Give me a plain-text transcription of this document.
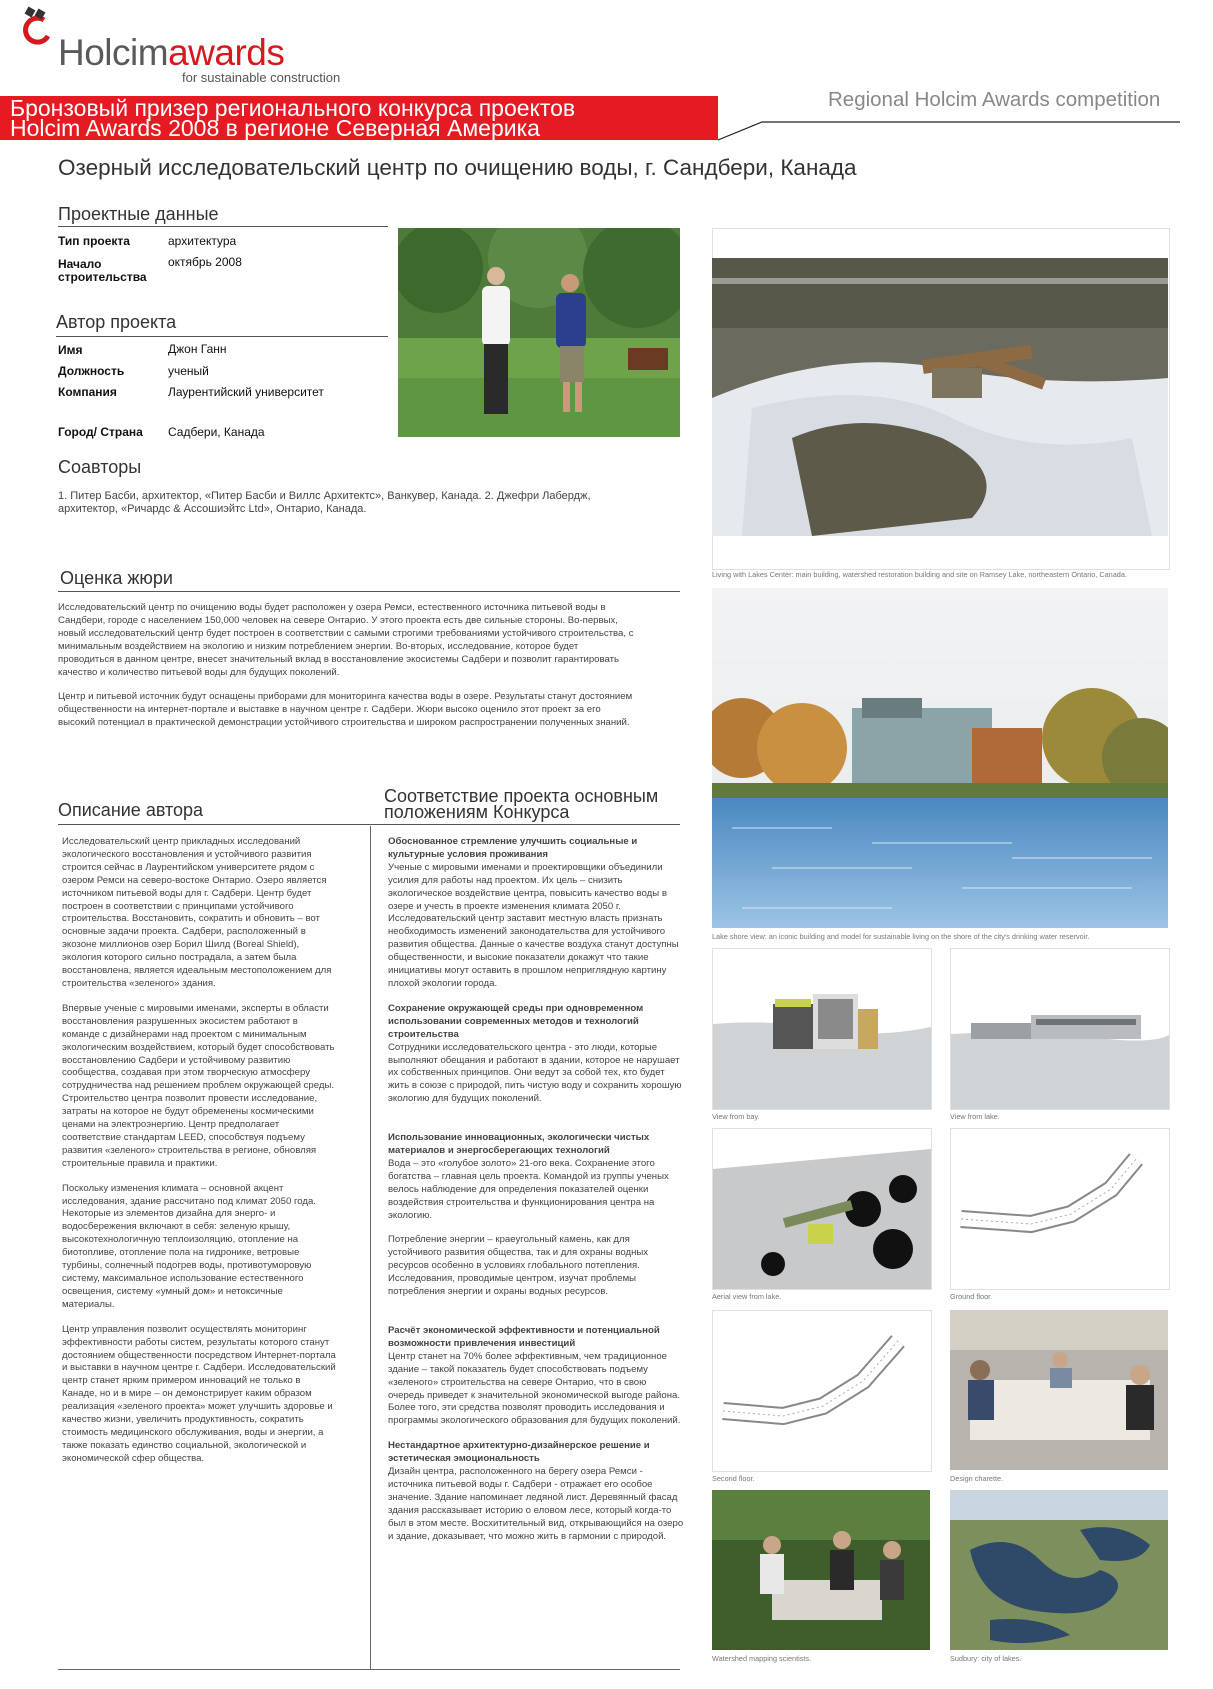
Holcimawards
for sustainable construction
Бронзовый призер регионального конкурса проектов
Holcim Awards 2008 в регионе Северная Америка
Regional Holcim Awards competition
Озерный исследовательский центр по очищению воды, г. Сандбери, Канада
Проектные данные
Тип проекта	архитектура
Начало
строительства
октябрь 2008
Автор проекта
Имя	Джон Ганн
Должность	ученый
Компания	Лаурентийский университет
Город/ Страна Садбери, Канада
Соавторы
1. Питер Басби, архитектор, «Питер Басби и Виллс Архитектс», Ванкувер, Канада. 2. Джефри Лабердж,
архитектор, «Ричардс & Ассошиэйтс Ltd», Онтарио, Канада.
Оценка жюри
Исследовательский центр по очищению воды будет расположен у озера Ремси, естественного источника питьевой воды в
Сандбери, городе с населением 150,000 человек на севере Онтарио. У этого проекта есть две сильные стороны. Во-первых,
новый исследовательский центр будет построен в соответствии с самыми строгими требованиями устойчивого строительства, с
минимальным воздействием на экологию и низким потреблением энергии. Во-вторых, исследование, которое будет
проводиться в данном центре, внесет значительный вклад в восстановление экосистемы Садбери и позволит гарантировать
качество и количество питьевой воды для будущих поколений.
Центр и питьевой источник будут оснащены приборами для мониторинга качества воды в озере. Результаты станут достоянием
общественности на интернет-портале и выставке в научном центре г. Садбери. Жюри высоко оценило этот проект за его
высокий потенциал в практической демонстрации устойчивого строительства и широком распространении полученных знаний.
Описание автора
Исследовательский центр прикладных исследований
экологического восстановления и устойчивого развития
строится сейчас в Лаурентийском университете рядом с
озером Ремси на северо-востоке Онтарио. Озеро является
источником питьевой воды для г. Садбери. Центр будет
построен в соответствии с принципами устойчивого
строительства. Восстановить, сократить и обновить – вот
основные задачи проекта. Садбери, расположенный в
экозоне миллионов озер Борил Шилд (Boreal Shield),
экология которого сильно пострадала, а затем была
восстановлена, является идеальным местоположением для
строительства «зеленого» здания.
Впервые ученые с мировыми именами, эксперты в области
восстановления разрушенных экосистем работают в
команде с дизайнерами над проектом с минимальным
экологическим воздействием, который будет способствовать
восстановлению Садбери и устойчивому развитию
сообщества, создавая при этом творческую атмосферу
сотрудничества над решением проблем окружающей среды.
Строительство центра позволит провести исследование,
затраты на которое не будут обременены космическими
ценами на электроэнергию. Центр предполагает
соответствие стандартам LEED, способствуя подъему
развития «зеленого» строительства в регионе, обновляя
строительные правила и практики.
Поскольку изменения климата – основной акцент
исследования, здание рассчитано под климат 2050 года.
Некоторые из элементов дизайна для энерго- и
водосбережения включают в себя: зеленую крышу,
высокотехнологичную теплоизоляцию, отопление на
биотопливе, отопление пола на гидронике, ветровые
турбины, солнечный подогрев воды, противотуморовую
систему, максимальное использование естественного
освещения, систему «умный дом» и нетоксичные
материалы.
Центр управления позволит осуществлять мониторинг
эффективности работы систем, результаты которого станут
достоянием общественности посредством Интернет-портала
и выставки в научном центре г. Садбери. Исследовательский
центр станет ярким примером инноваций не только в
Канаде, но и в мире – он демонстрирует каким образом
реализация «зеленого проекта» может улучшить здоровье и
качество жизни, увеличить продуктивность, сократить
стоимость медицинского обслуживания, воды и энергии, а
также показать единство социальной, экологической и
экономической сфер общества.
Соответствие проекта основным
положениям Конкурса
Обоснованное стремление улучшить социальные и
культурные условия проживания
Ученые с мировыми именами и проектировщики объединили
усилия для работы над проектом. Их цель – снизить
экологическое воздействие центра, повысить качество воды в
озере и учесть в проекте изменения климата 2050 г.
Исследовательский центр заставит местную власть признать
необходимость изменений законодательства для устойчивого
развития общества. Данные о качестве воздуха станут доступны
общественности, и высокие показатели докажут что такие
инициативы могут оставить в прошлом неприглядную картину
плохой экологии города.
Сохранение окружающей среды при одновременном
использовании современных методов и технологий
строительства
Сотрудники исследовательского центра - это люди, которые
выполняют обещания и работают в здании, которое не нарушает
их собственных принципов. Они ведут за собой тех, кто будет
жить в союзе с природой, пить чистую воду и сохранить хорошую
экологию для будущих поколений.
Использование инновационных, экологически чистых
материалов и энергосберегающих технологий
Вода – это «голубое золото» 21-ого века. Сохранение этого
богатства – главная цель проекта. Командой из группы ученых
велось наблюдение для определения показателей оценки
воздействия строительства и функционирования центра на
экологию.
Потребление энергии – краеугольный камень, как для
устойчивого развития общества, так и для охраны водных
ресурсов особенно в условиях глобального потепления.
Исследования, проводимые центром, изучат проблемы
потребления энергии и охраны водных ресурсов.
Расчёт экономической эффективности и потенциальной
возможности привлечения инвестиций
Центр станет на 70% более эффективным, чем традиционное
здание – такой показатель будет способствовать подъему
«зеленого» строительства на севере Онтарио, что в свою
очередь приведет к значительной экономической выгоде района.
Более того, эти средства позволят проводить исследования и
программы экологического образования для будущих поколений.
Нестандартное архитектурно-дизайнерское решение и
эстетическая эмоциональность
Дизайн центра, расположенного на берегу озера Ремси -
источника питьевой воды г. Садбери - отражает его особое
значение. Здание напоминает ледяной лист. Деревянный фасад
здания рассказывает историю о еловом лесе, который когда-то
был в этом месте. Восхитительный вид, открывающийся на озеро
и здание, доказывает, что можно жить в гармонии с природой.
Living with Lakes Center: main building, watershed restoration building and site on Ramsey Lake, northeastern Ontario, Canada.
Lake shore view: an iconic building and model for sustainable living on the shore of the city's drinking water reservoir.
View from bay.	View from lake.
Aerial view from lake.	Ground floor.
Second floor.	Design charette.
Watershed mapping scientists.	Sudbury: city of lakes.
